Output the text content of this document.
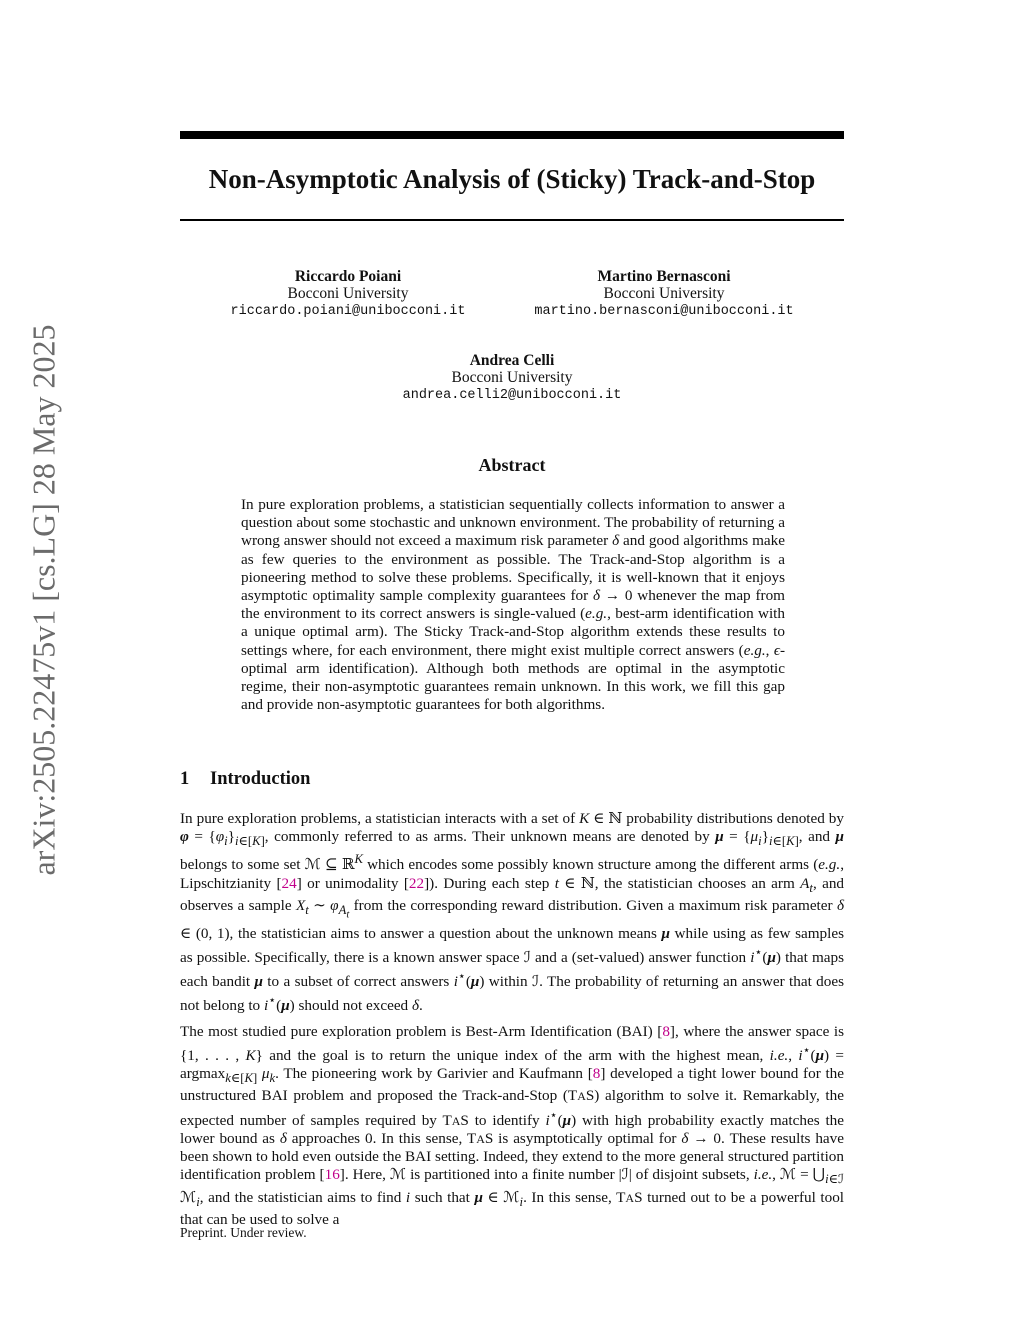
arXiv:2505.22475v1 [cs.LG] 28 May 2025
Non-Asymptotic Analysis of (Sticky) Track-and-Stop
Riccardo Poiani
Bocconi University
riccardo.poiani@unibocconi.it
Martino Bernasconi
Bocconi University
martino.bernasconi@unibocconi.it
Andrea Celli
Bocconi University
andrea.celli2@unibocconi.it
Abstract
In pure exploration problems, a statistician sequentially collects information to answer a question about some stochastic and unknown environment. The probability of returning a wrong answer should not exceed a maximum risk parameter δ and good algorithms make as few queries to the environment as possible. The Track-and-Stop algorithm is a pioneering method to solve these problems. Specifically, it is well-known that it enjoys asymptotic optimality sample complexity guarantees for δ → 0 whenever the map from the environment to its correct answers is single-valued (e.g., best-arm identification with a unique optimal arm). The Sticky Track-and-Stop algorithm extends these results to settings where, for each environment, there might exist multiple correct answers (e.g., ϵ-optimal arm identification). Although both methods are optimal in the asymptotic regime, their non-asymptotic guarantees remain unknown. In this work, we fill this gap and provide non-asymptotic guarantees for both algorithms.
1 Introduction

In pure exploration problems, a statistician interacts with a set of K ∈ ℕ probability distributions denoted by $\varphi = \{\varphi_i\}_{i\in[K]}$, commonly referred to as arms. Their unknown means are denoted by $\mu = \{\mu_i\}_{i\in[K]}$, and μ belongs to some set ℳ ⊆ ℝ$^K$ which encodes some possibly known structure among the different arms (e.g., Lipschitzianity [24] or unimodality [22]). During each step t ∈ ℕ, the statistician chooses an arm $A_t$, and observes a sample $X_t$ ∼ $\varphi_{A_t}$ from the corresponding reward distribution. Given a maximum risk parameter δ ∈ (0, 1), the statistician aims to answer a question about the unknown means μ while using as few samples as possible. Specifically, there is a known answer space ℐ and a (set-valued) answer function i⋆(μ) that maps each bandit μ to a subset of correct answers i⋆(μ) within ℐ. The probability of returning an answer that does not belong to i⋆(μ) should not exceed δ.

The most studied pure exploration problem is Best-Arm Identification (BAI) [8], where the answer space is {1, . . . , K} and the goal is to return the unique index of the arm with the highest mean, i.e., i⋆(μ) = argmax$_{k\in[K]}$ $\mu_k$. The pioneering work by Garivier and Kaufmann [8] developed a tight lower bound for the unstructured BAI problem and proposed the Track-and-Stop (TAS) algorithm to solve it. Remarkably, the expected number of samples required by TAS to identify i⋆(μ) with high probability exactly matches the lower bound as δ approaches 0. In this sense, TAS is asymptotically optimal for δ → 0. These results have been shown to hold even outside the BAI setting. Indeed, they extend to the more general structured partition identification problem [16]. Here, ℳ is partitioned into a finite number |ℐ| of disjoint subsets, i.e., ℳ = $⋃_{i\in ℐ}$ ℳ$_i$, and the statistician aims to find i such that μ ∈ ℳ$_i$. In this sense, TAS turned out to be a powerful tool that can be used to solve a

Preprint. Under review.
